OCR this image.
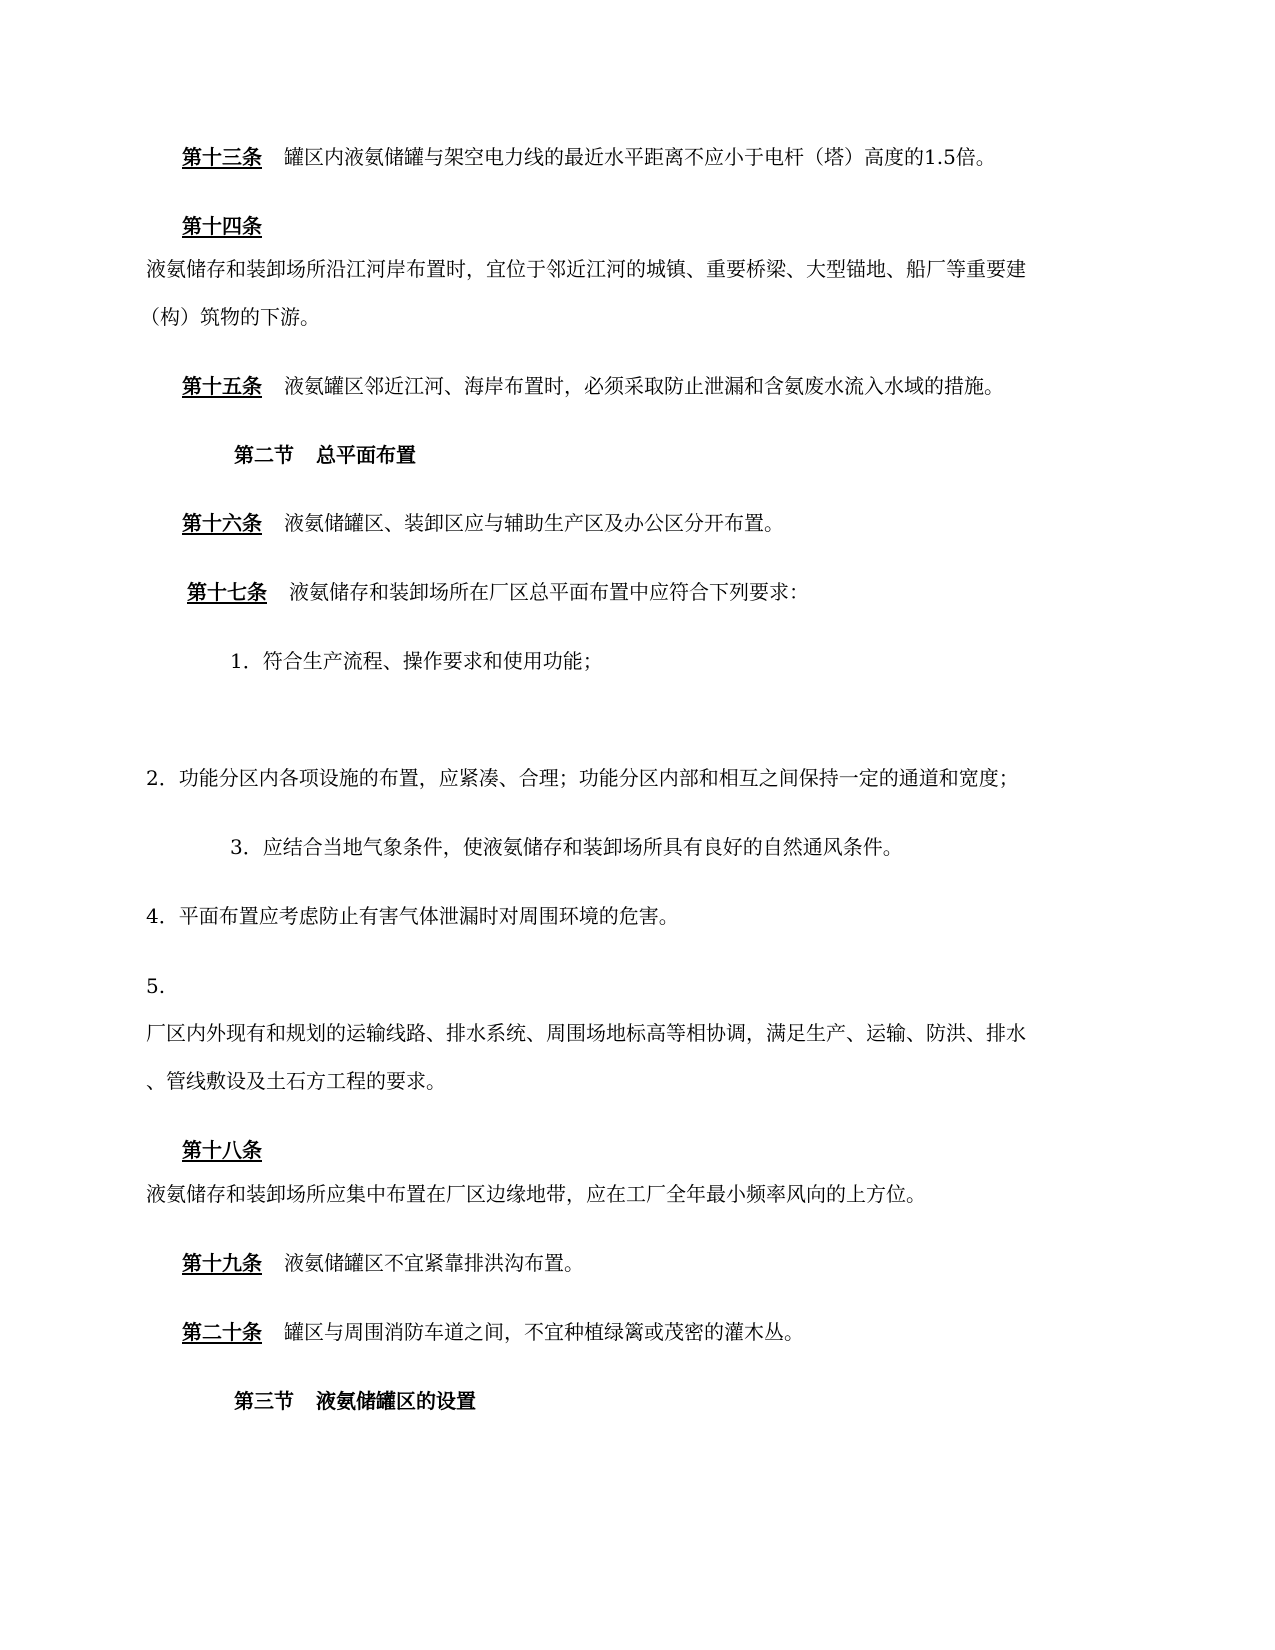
第十三条 罐区内液氨储罐与架空电力线的最近水平距离不应小于电杆（塔）高度的1.5倍。
第十四条
液氨储存和装卸场所沿江河岸布置时，宜位于邻近江河的城镇、重要桥梁、大型锚地、船厂等重要建
（构）筑物的下游。
第十五条 液氨罐区邻近江河、海岸布置时，必须采取防止泄漏和含氨废水流入水域的措施。
第二节 总平面布置
第十六条 液氨储罐区、装卸区应与辅助生产区及办公区分开布置。
第十七条 液氨储存和装卸场所在厂区总平面布置中应符合下列要求：
1．符合生产流程、操作要求和使用功能；
2．功能分区内各项设施的布置，应紧凑、合理；功能分区内部和相互之间保持一定的通道和宽度；
3．应结合当地气象条件，使液氨储存和装卸场所具有良好的自然通风条件。
4．平面布置应考虑防止有害气体泄漏时对周围环境的危害。
5.
厂区内外现有和规划的运输线路、排水系统、周围场地标高等相协调，满足生产、运输、防洪、排水
、管线敷设及土石方工程的要求。
第十八条
液氨储存和装卸场所应集中布置在厂区边缘地带，应在工厂全年最小频率风向的上方位。
第十九条 液氨储罐区不宜紧靠排洪沟布置。
第二十条 罐区与周围消防车道之间，不宜种植绿篱或茂密的灌木丛。
第三节 液氨储罐区的设置
